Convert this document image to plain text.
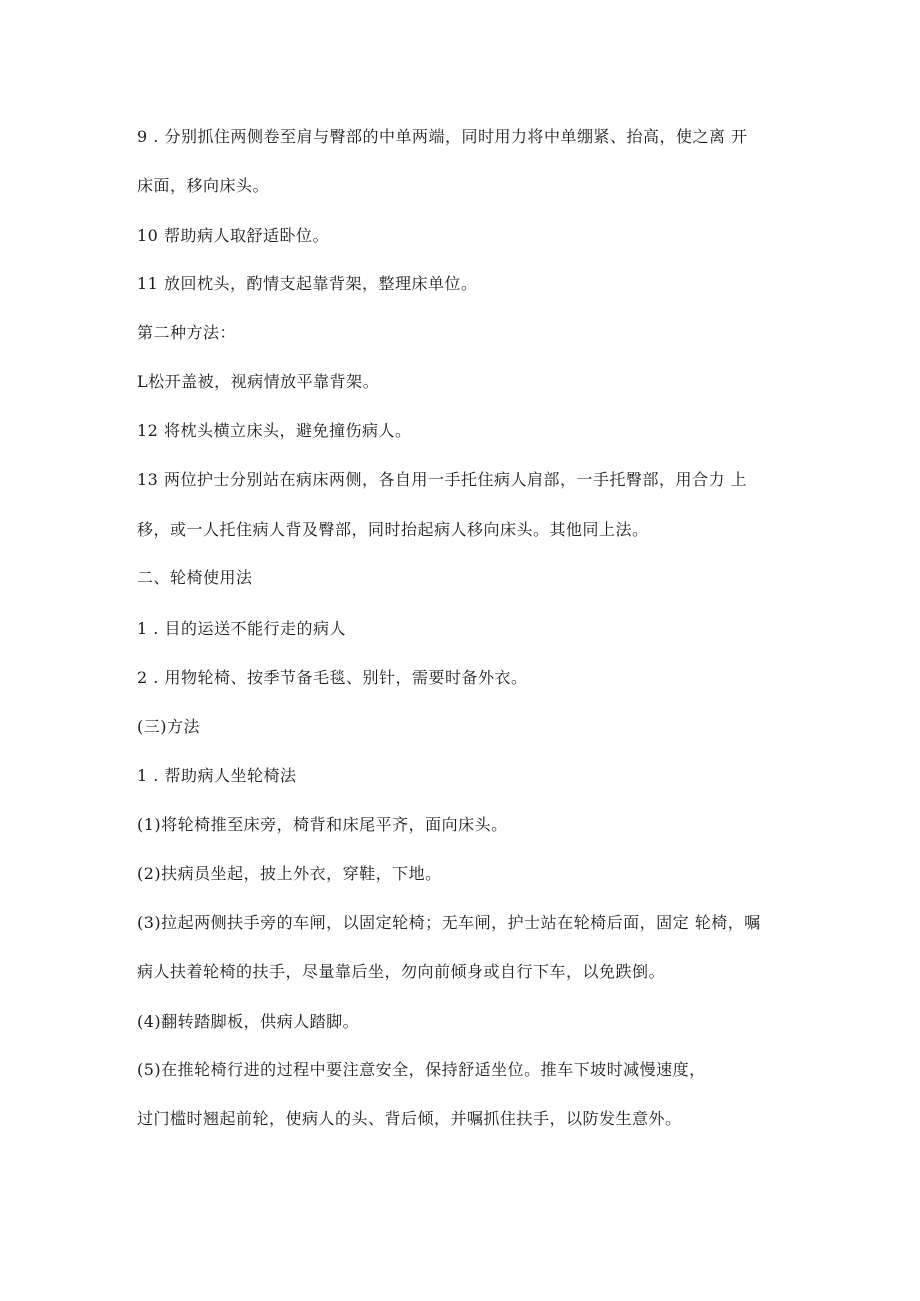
9 . 分别抓住两侧卷至肩与臀部的中单两端，同时用力将中单绷紧、抬高，使之离 开
床面，移向床头。
10 帮助病人取舒适卧位。
11 放回枕头，酌情支起靠背架，整理床单位。
第二种方法：
L松开盖被，视病情放平靠背架。
12 将枕头横立床头，避免撞伤病人。
13 两位护士分别站在病床两侧，各自用一手托住病人肩部，一手托臀部，用合力 上
移，或一人托住病人背及臀部，同时抬起病人移向床头。其他同上法。
二、轮椅使用法
1 . 目的运送不能行走的病人
2 . 用物轮椅、按季节备毛毯、别针，需要时备外衣。
(三)方法
1 . 帮助病人坐轮椅法
(1)将轮椅推至床旁，椅背和床尾平齐，面向床头。
(2)扶病员坐起，披上外衣，穿鞋，下地。
(3)拉起两侧扶手旁的车闸，以固定轮椅；无车闸，护士站在轮椅后面，固定 轮椅，嘱
病人扶着轮椅的扶手，尽量靠后坐，勿向前倾身或自行下车，以免跌倒。
(4)翻转踏脚板，供病人踏脚。
(5)在推轮椅行进的过程中要注意安全，保持舒适坐位。推车下坡时减慢速度，
过门槛时翘起前轮，使病人的头、背后倾，并嘱抓住扶手，以防发生意外。
